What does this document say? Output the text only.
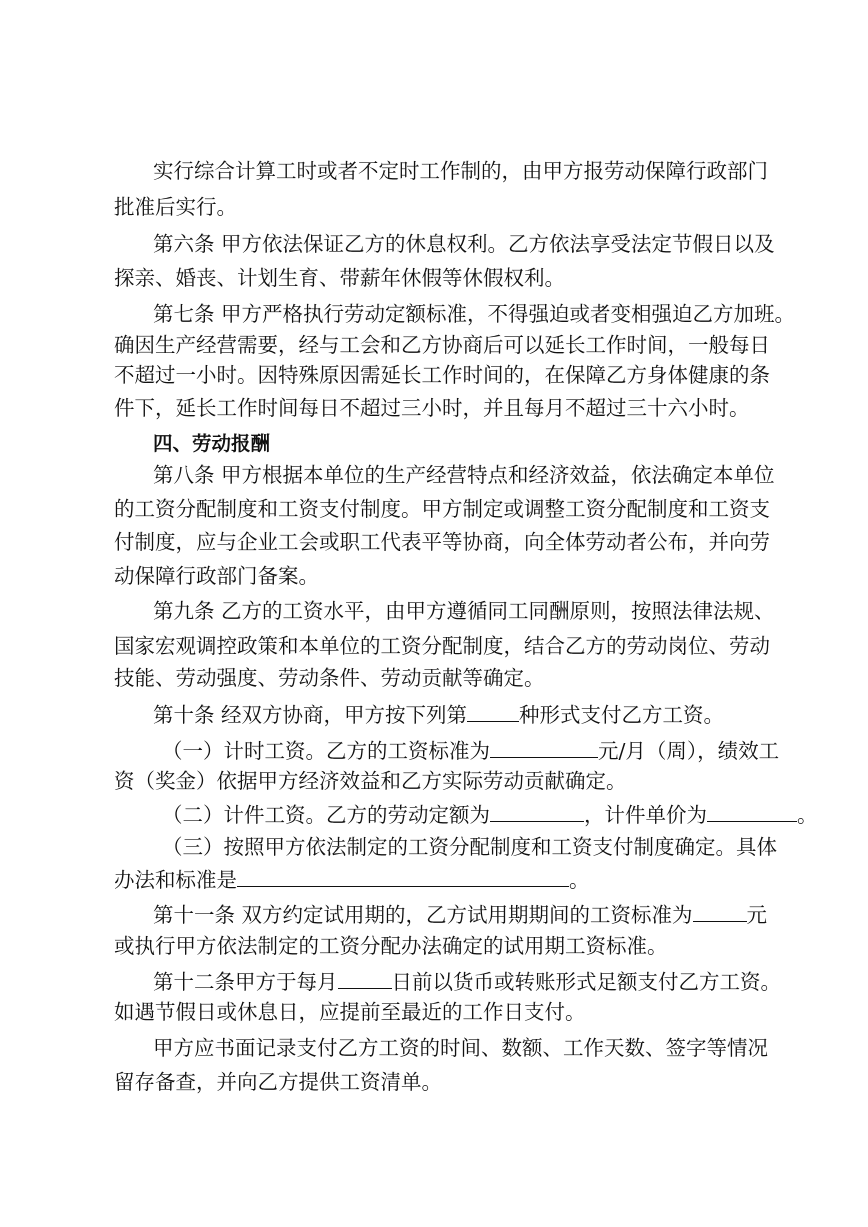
实行综合计算工时或者不定时工作制的，由甲方报劳动保障行政部门
批准后实行。
第六条 甲方依法保证乙方的休息权利。乙方依法享受法定节假日以及
探亲、婚丧、计划生育、带薪年休假等休假权利。
第七条 甲方严格执行劳动定额标准，不得强迫或者变相强迫乙方加班。
确因生产经营需要，经与工会和乙方协商后可以延长工作时间，一般每日
不超过一小时。因特殊原因需延长工作时间的，在保障乙方身体健康的条
件下，延长工作时间每日不超过三小时，并且每月不超过三十六小时。
四、劳动报酬
第八条 甲方根据本单位的生产经营特点和经济效益，依法确定本单位
的工资分配制度和工资支付制度。甲方制定或调整工资分配制度和工资支
付制度，应与企业工会或职工代表平等协商，向全体劳动者公布，并向劳
动保障行政部门备案。
第九条 乙方的工资水平，由甲方遵循同工同酬原则，按照法律法规、
国家宏观调控政策和本单位的工资分配制度，结合乙方的劳动岗位、劳动
技能、劳动强度、劳动条件、劳动贡献等确定。
第十条 经双方协商，甲方按下列第	种形式支付乙方工资。
（一）计时工资。乙方的工资标准为	元/月（周），绩效工
资（奖金）依据甲方经济效益和乙方实际劳动贡献确定。
（二）计件工资。乙方的劳动定额为	，计件单价为	。
（三）按照甲方依法制定的工资分配制度和工资支付制度确定。具体
办法和标准是	。
第十一条 双方约定试用期的，乙方试用期期间的工资标准为	元
或执行甲方依法制定的工资分配办法确定的试用期工资标准。
第十二条甲方于每月	日前以货币或转账形式足额支付乙方工资。
如遇节假日或休息日，应提前至最近的工作日支付。
甲方应书面记录支付乙方工资的时间、数额、工作天数、签字等情况
留存备查，并向乙方提供工资清单。
